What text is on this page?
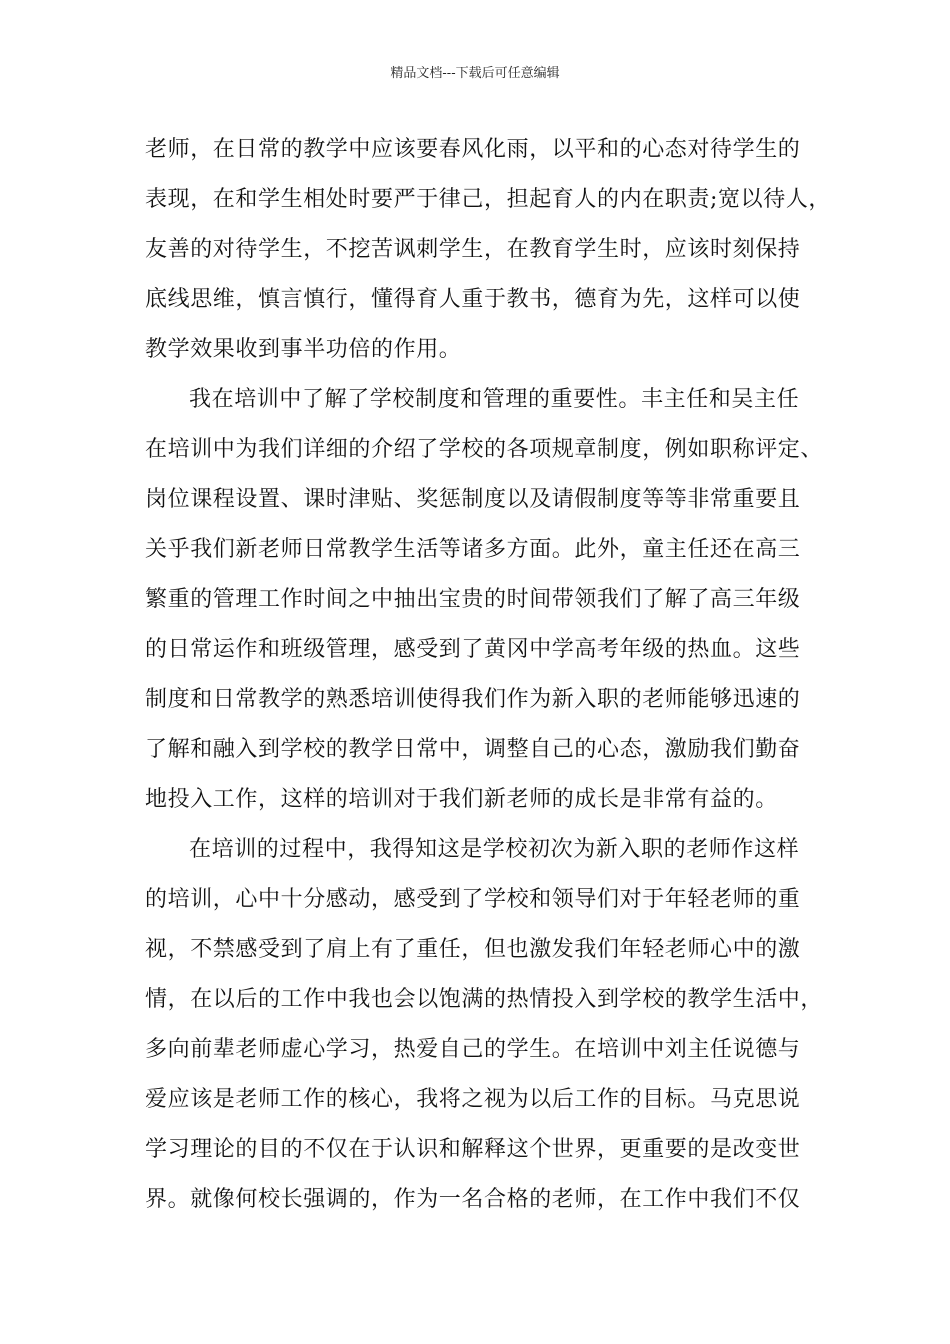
精品文档---下载后可任意编辑
老师，在日常的教学中应该要春风化雨，以平和的心态对待学生的
表现，在和学生相处时要严于律己，担起育人的内在职责;宽以待人，
友善的对待学生，不挖苦讽刺学生，在教育学生时，应该时刻保持
底线思维，慎言慎行，懂得育人重于教书，德育为先，这样可以使
教学效果收到事半功倍的作用。
我在培训中了解了学校制度和管理的重要性。丰主任和吴主任
在培训中为我们详细的介绍了学校的各项规章制度，例如职称评定、
岗位课程设置、课时津贴、奖惩制度以及请假制度等等非常重要且
关乎我们新老师日常教学生活等诸多方面。此外，童主任还在高三
繁重的管理工作时间之中抽出宝贵的时间带领我们了解了高三年级
的日常运作和班级管理，感受到了黄冈中学高考年级的热血。这些
制度和日常教学的熟悉培训使得我们作为新入职的老师能够迅速的
了解和融入到学校的教学日常中，调整自己的心态，激励我们勤奋
地投入工作，这样的培训对于我们新老师的成长是非常有益的。
在培训的过程中，我得知这是学校初次为新入职的老师作这样
的培训，心中十分感动，感受到了学校和领导们对于年轻老师的重
视，不禁感受到了肩上有了重任，但也激发我们年轻老师心中的激
情，在以后的工作中我也会以饱满的热情投入到学校的教学生活中，
多向前辈老师虚心学习，热爱自己的学生。在培训中刘主任说德与
爱应该是老师工作的核心，我将之视为以后工作的目标。马克思说
学习理论的目的不仅在于认识和解释这个世界，更重要的是改变世
界。就像何校长强调的，作为一名合格的老师，在工作中我们不仅
